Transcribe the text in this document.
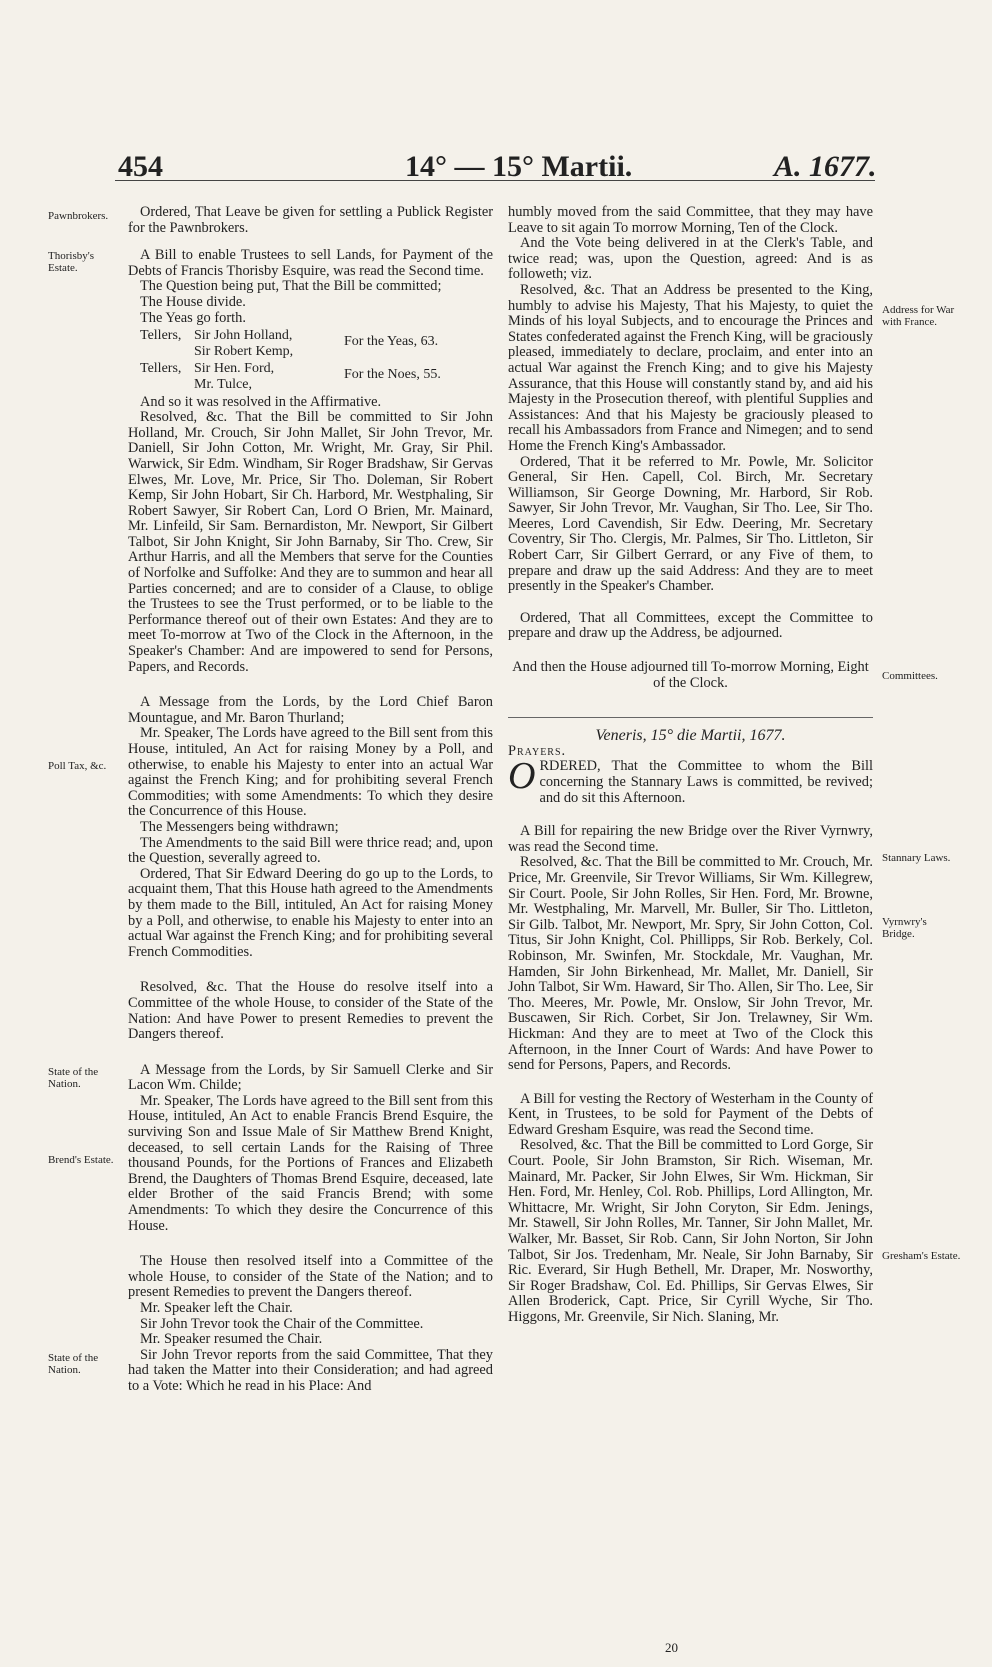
454	14° — 15° Martii.	A. 1677.
Pawnbrokers.
Thorisby's Estate.
Poll Tax, &c.
State of the Nation.
Brend's Estate.
State of the Nation.
Address for War with France.
Committees.
Stannary Laws.
Vyrnwry's Bridge.
Gresham's Estate.

Ordered, That Leave be given for settling a Publick Register for the Pawnbrokers.

A Bill to enable Trustees to sell Lands, for Payment of the Debts of Francis Thorisby Esquire, was read the Second time.

The Question being put, That the Bill be committed;

The House divide.

The Yeas go forth.

Tellers, Sir John Holland,
Sir Robert Kemp,
For the Yeas, 63.
Tellers, Sir Hen. Ford,
Mr. Tulce,
For the Noes, 55.

And so it was resolved in the Affirmative.

Resolved, &c. That the Bill be committed to Sir John Holland, Mr. Crouch, Sir John Mallet, Sir John Trevor, Mr. Daniell, Sir John Cotton, Mr. Wright, Mr. Gray, Sir Phil. Warwick, Sir Edm. Windham, Sir Roger Bradshaw, Sir Gervas Elwes, Mr. Love, Mr. Price, Sir Tho. Doleman, Sir Robert Kemp, Sir John Hobart, Sir Ch. Harbord, Mr. Westphaling, Sir Robert Sawyer, Sir Robert Can, Lord O Brien, Mr. Mainard, Mr. Linfeild, Sir Sam. Bernardiston, Mr. Newport, Sir Gilbert Talbot, Sir John Knight, Sir John Barnaby, Sir Tho. Crew, Sir Arthur Harris, and all the Members that serve for the Counties of Norfolke and Suffolke: And they are to summon and hear all Parties concerned; and are to consider of a Clause, to oblige the Trustees to see the Trust performed, or to be liable to the Performance thereof out of their own Estates: And they are to meet To-morrow at Two of the Clock in the Afternoon, in the Speaker's Chamber: And are impowered to send for Persons, Papers, and Records.

A Message from the Lords, by the Lord Chief Baron Mountague, and Mr. Baron Thurland;

Mr. Speaker, The Lords have agreed to the Bill sent from this House, intituled, An Act for raising Money by a Poll, and otherwise, to enable his Majesty to enter into an actual War against the French King; and for prohibiting several French Commodities; with some Amendments: To which they desire the Concurrence of this House.

The Messengers being withdrawn;

The Amendments to the said Bill were thrice read; and, upon the Question, severally agreed to.

Ordered, That Sir Edward Deering do go up to the Lords, to acquaint them, That this House hath agreed to the Amendments by them made to the Bill, intituled, An Act for raising Money by a Poll, and otherwise, to enable his Majesty to enter into an actual War against the French King; and for prohibiting several French Commodities.

Resolved, &c. That the House do resolve itself into a Committee of the whole House, to consider of the State of the Nation: And have Power to present Remedies to prevent the Dangers thereof.

A Message from the Lords, by Sir Samuell Clerke and Sir Lacon Wm. Childe;

Mr. Speaker, The Lords have agreed to the Bill sent from this House, intituled, An Act to enable Francis Brend Esquire, the surviving Son and Issue Male of Sir Matthew Brend Knight, deceased, to sell certain Lands for the Raising of Three thousand Pounds, for the Portions of Frances and Elizabeth Brend, the Daughters of Thomas Brend Esquire, deceased, late elder Brother of the said Francis Brend; with some Amendments: To which they desire the Concurrence of this House.

The House then resolved itself into a Committee of the whole House, to consider of the State of the Nation; and to present Remedies to prevent the Dangers thereof.

Mr. Speaker left the Chair.

Sir John Trevor took the Chair of the Committee.

Mr. Speaker resumed the Chair.

Sir John Trevor reports from the said Committee, That they had taken the Matter into their Consideration; and had agreed to a Vote: Which he read in his Place: And

humbly moved from the said Committee, that they may have Leave to sit again To morrow Morning, Ten of the Clock.

And the Vote being delivered in at the Clerk's Table, and twice read; was, upon the Question, agreed: And is as followeth; viz.

Resolved, &c. That an Address be presented to the King, humbly to advise his Majesty, That his Majesty, to quiet the Minds of his loyal Subjects, and to encourage the Princes and States confederated against the French King, will be graciously pleased, immediately to declare, proclaim, and enter into an actual War against the French King; and to give his Majesty Assurance, that this House will constantly stand by, and aid his Majesty in the Prosecution thereof, with plentiful Supplies and Assistances: And that his Majesty be graciously pleased to recall his Ambassadors from France and Nimegen; and to send Home the French King's Ambassador.

Ordered, That it be referred to Mr. Powle, Mr. Solicitor General, Sir Hen. Capell, Col. Birch, Mr. Secretary Williamson, Sir George Downing, Mr. Harbord, Sir Rob. Sawyer, Sir John Trevor, Mr. Vaughan, Sir Tho. Lee, Sir Tho. Meeres, Lord Cavendish, Sir Edw. Deering, Mr. Secretary Coventry, Sir Tho. Clergis, Mr. Palmes, Sir Tho. Littleton, Sir Robert Carr, Sir Gilbert Gerrard, or any Five of them, to prepare and draw up the said Address: And they are to meet presently in the Speaker's Chamber.

Ordered, That all Committees, except the Committee to prepare and draw up the Address, be adjourned.

And then the House adjourned till To-morrow Morning, Eight of the Clock.

Veneris, 15° die Martii, 1677.

Prayers.

ORDERED, That the Committee to whom the Bill concerning the Stannary Laws is committed, be revived; and do sit this Afternoon.

A Bill for repairing the new Bridge over the River Vyrnwry, was read the Second time.

Resolved, &c. That the Bill be committed to Mr. Crouch, Mr. Price, Mr. Greenvile, Sir Trevor Williams, Sir Wm. Killegrew, Sir Court. Poole, Sir John Rolles, Sir Hen. Ford, Mr. Browne, Mr. Westphaling, Mr. Marvell, Mr. Buller, Sir Tho. Littleton, Sir Gilb. Talbot, Mr. Newport, Mr. Spry, Sir John Cotton, Col. Titus, Sir John Knight, Col. Phillipps, Sir Rob. Berkely, Col. Robinson, Mr. Swinfen, Mr. Stockdale, Mr. Vaughan, Mr. Hamden, Sir John Birkenhead, Mr. Mallet, Mr. Daniell, Sir John Talbot, Sir Wm. Haward, Sir Tho. Allen, Sir Tho. Lee, Sir Tho. Meeres, Mr. Powle, Mr. Onslow, Sir John Trevor, Mr. Buscawen, Sir Rich. Corbet, Sir Jon. Trelawney, Sir Wm. Hickman: And they are to meet at Two of the Clock this Afternoon, in the Inner Court of Wards: And have Power to send for Persons, Papers, and Records.

A Bill for vesting the Rectory of Westerham in the County of Kent, in Trustees, to be sold for Payment of the Debts of Edward Gresham Esquire, was read the Second time.

Resolved, &c. That the Bill be committed to Lord Gorge, Sir Court. Poole, Sir John Bramston, Sir Rich. Wiseman, Mr. Mainard, Mr. Packer, Sir John Elwes, Sir Wm. Hickman, Sir Hen. Ford, Mr. Henley, Col. Rob. Phillips, Lord Allington, Mr. Whittacre, Mr. Wright, Sir John Coryton, Sir Edm. Jenings, Mr. Stawell, Sir John Rolles, Mr. Tanner, Sir John Mallet, Mr. Walker, Mr. Basset, Sir Rob. Cann, Sir John Norton, Sir John Talbot, Sir Jos. Tredenham, Mr. Neale, Sir John Barnaby, Sir Ric. Everard, Sir Hugh Bethell, Mr. Draper, Mr. Nosworthy, Sir Roger Bradshaw, Col. Ed. Phillips, Sir Gervas Elwes, Sir Allen Broderick, Capt. Price, Sir Cyrill Wyche, Sir Tho. Higgons, Mr. Greenvile, Sir Nich. Slaning, Mr.

20
